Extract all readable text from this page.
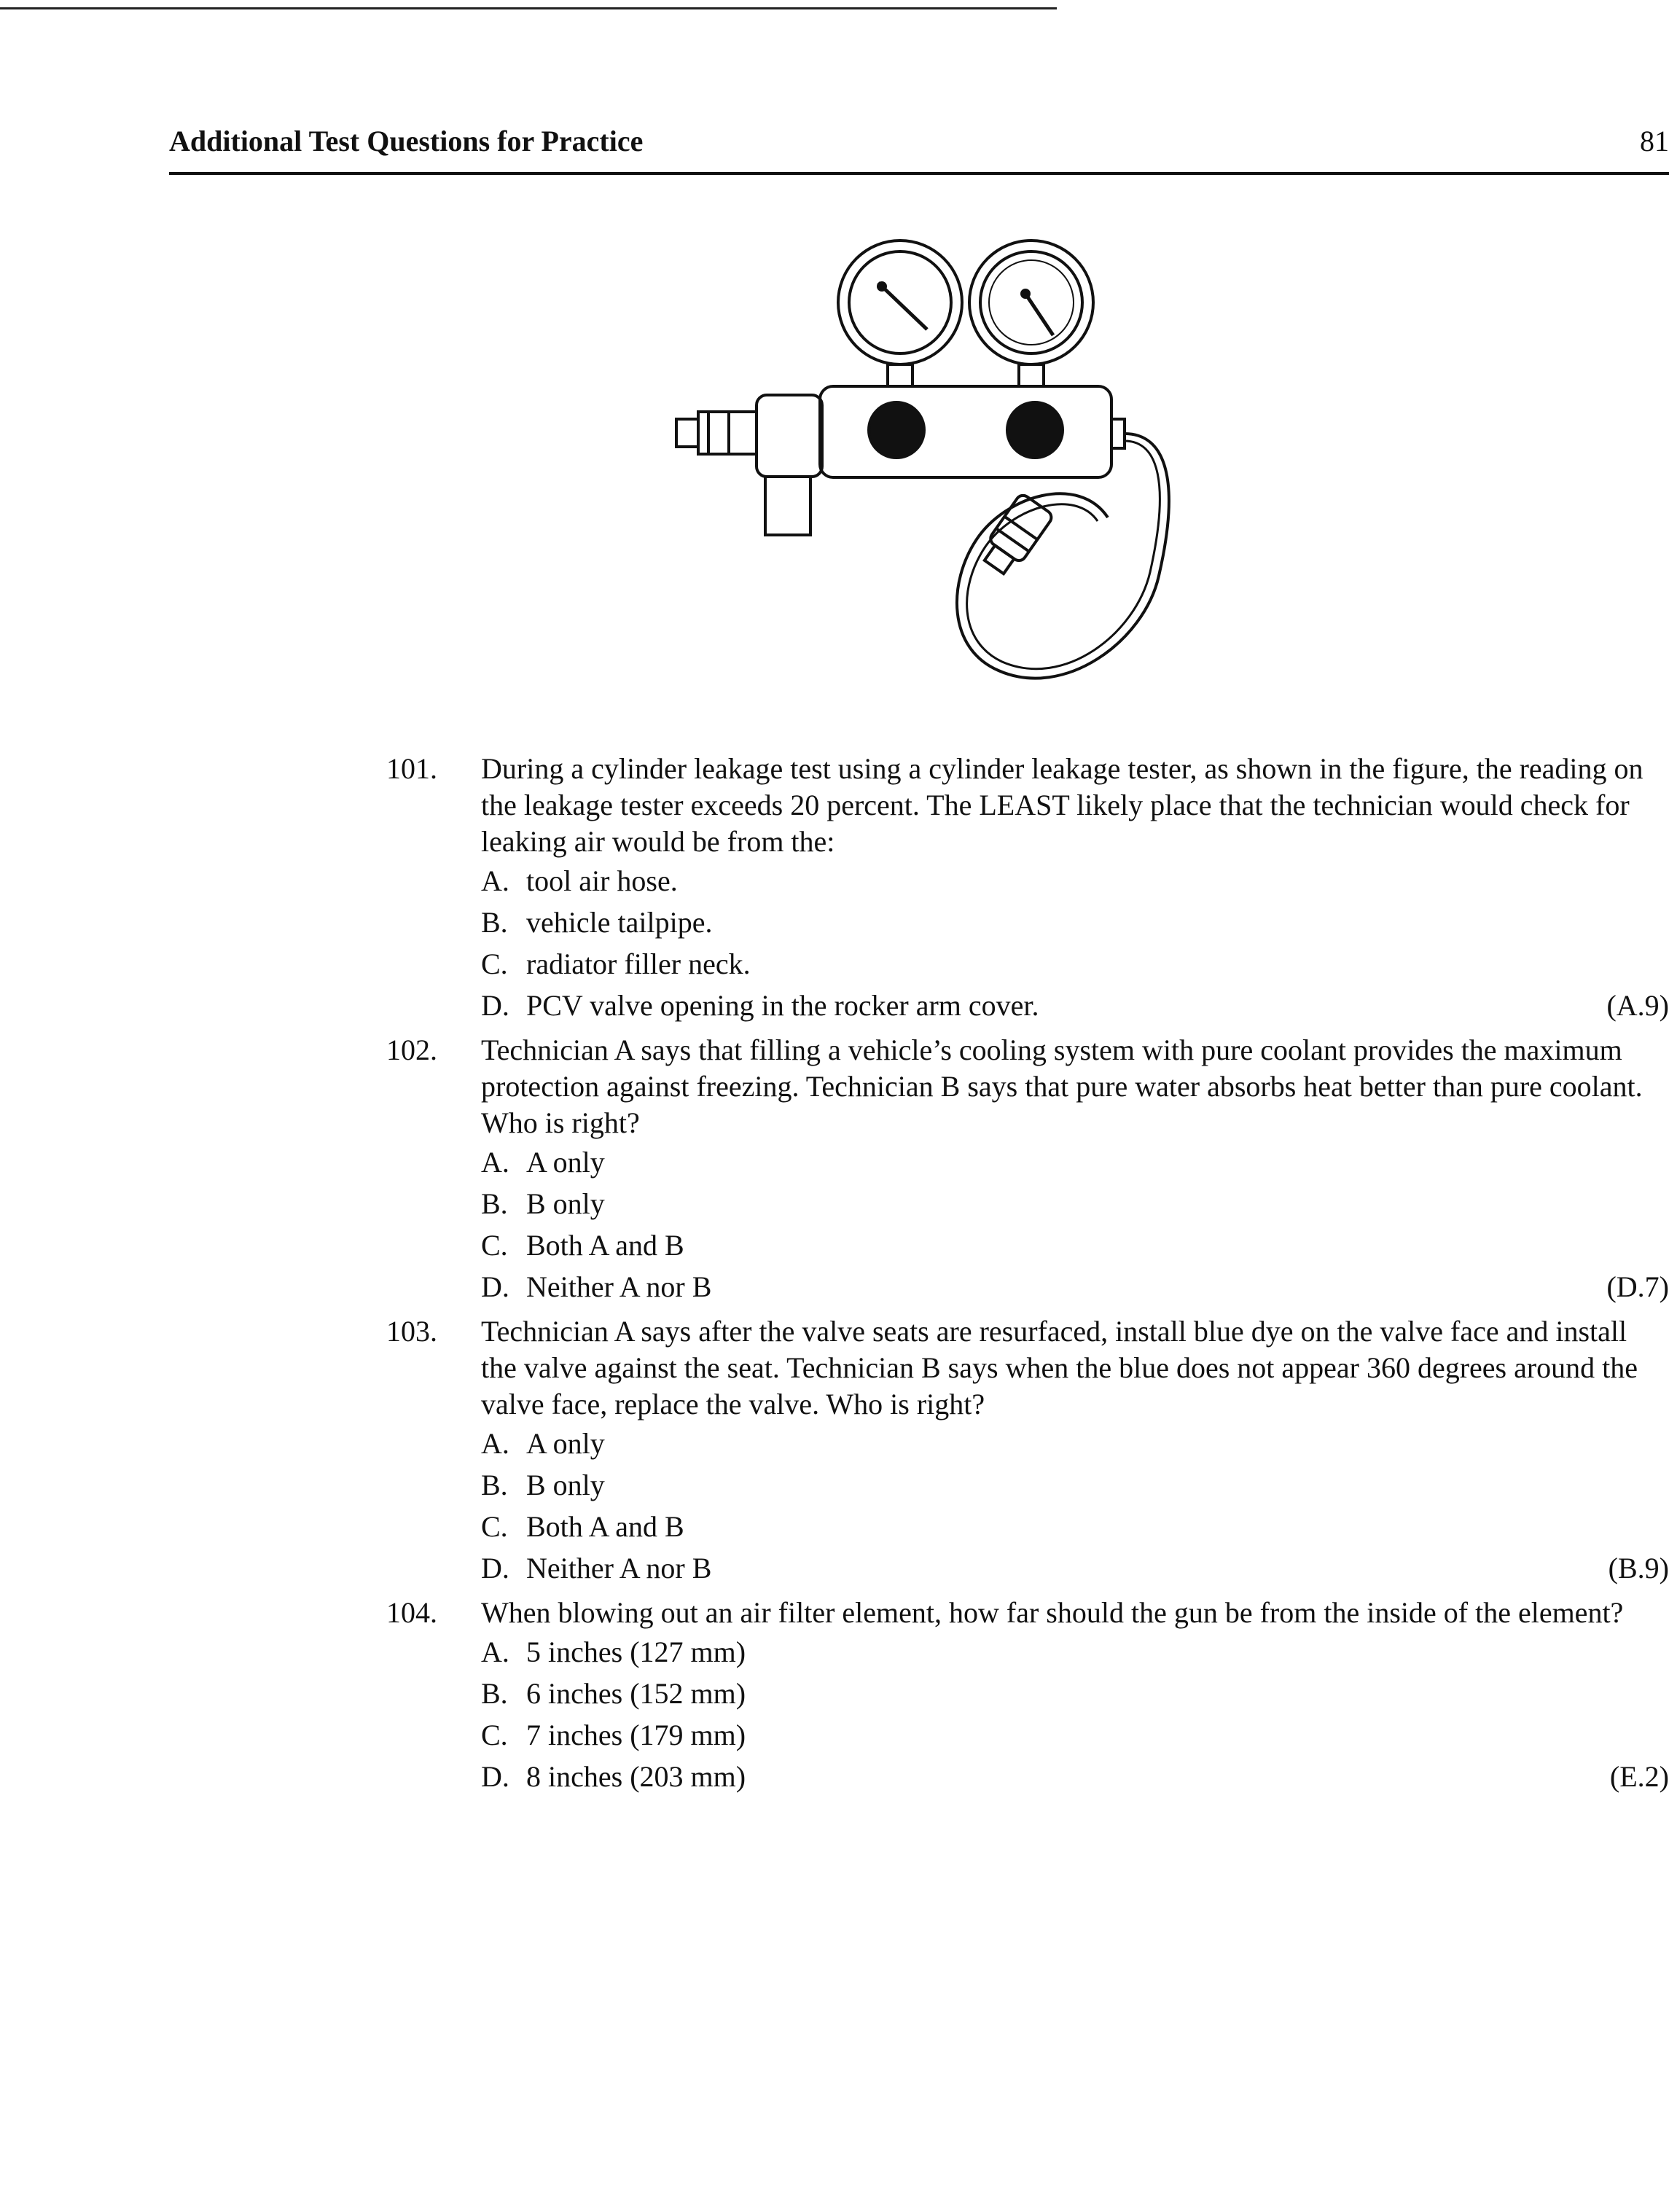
Additional Test Questions for Practice	81
101. During a cylinder leakage test using a cylinder leakage tester, as shown in the figure, the reading on the leakage tester exceeds 20 percent. The LEAST likely place that the technician would check for leaking air would be from the:
A. tool air hose.
B. vehicle tailpipe.
C. radiator filler neck.
D. PCV valve opening in the rocker arm cover.	(A.9)
102. Technician A says that filling a vehicle’s cooling system with pure coolant provides the maximum protection against freezing. Technician B says that pure water absorbs heat better than pure coolant. Who is right?
A. A only
B. B only
C. Both A and B
D. Neither A nor B	(D.7)
103. Technician A says after the valve seats are resurfaced, install blue dye on the valve face and install the valve against the seat. Technician B says when the blue does not appear 360 degrees around the valve face, replace the valve. Who is right?
A. A only
B. B only
C. Both A and B
D. Neither A nor B	(B.9)
104. When blowing out an air filter element, how far should the gun be from the inside of the element?
A. 5 inches (127 mm)
B. 6 inches (152 mm)
C. 7 inches (179 mm)
D. 8 inches (203 mm)	(E.2)
